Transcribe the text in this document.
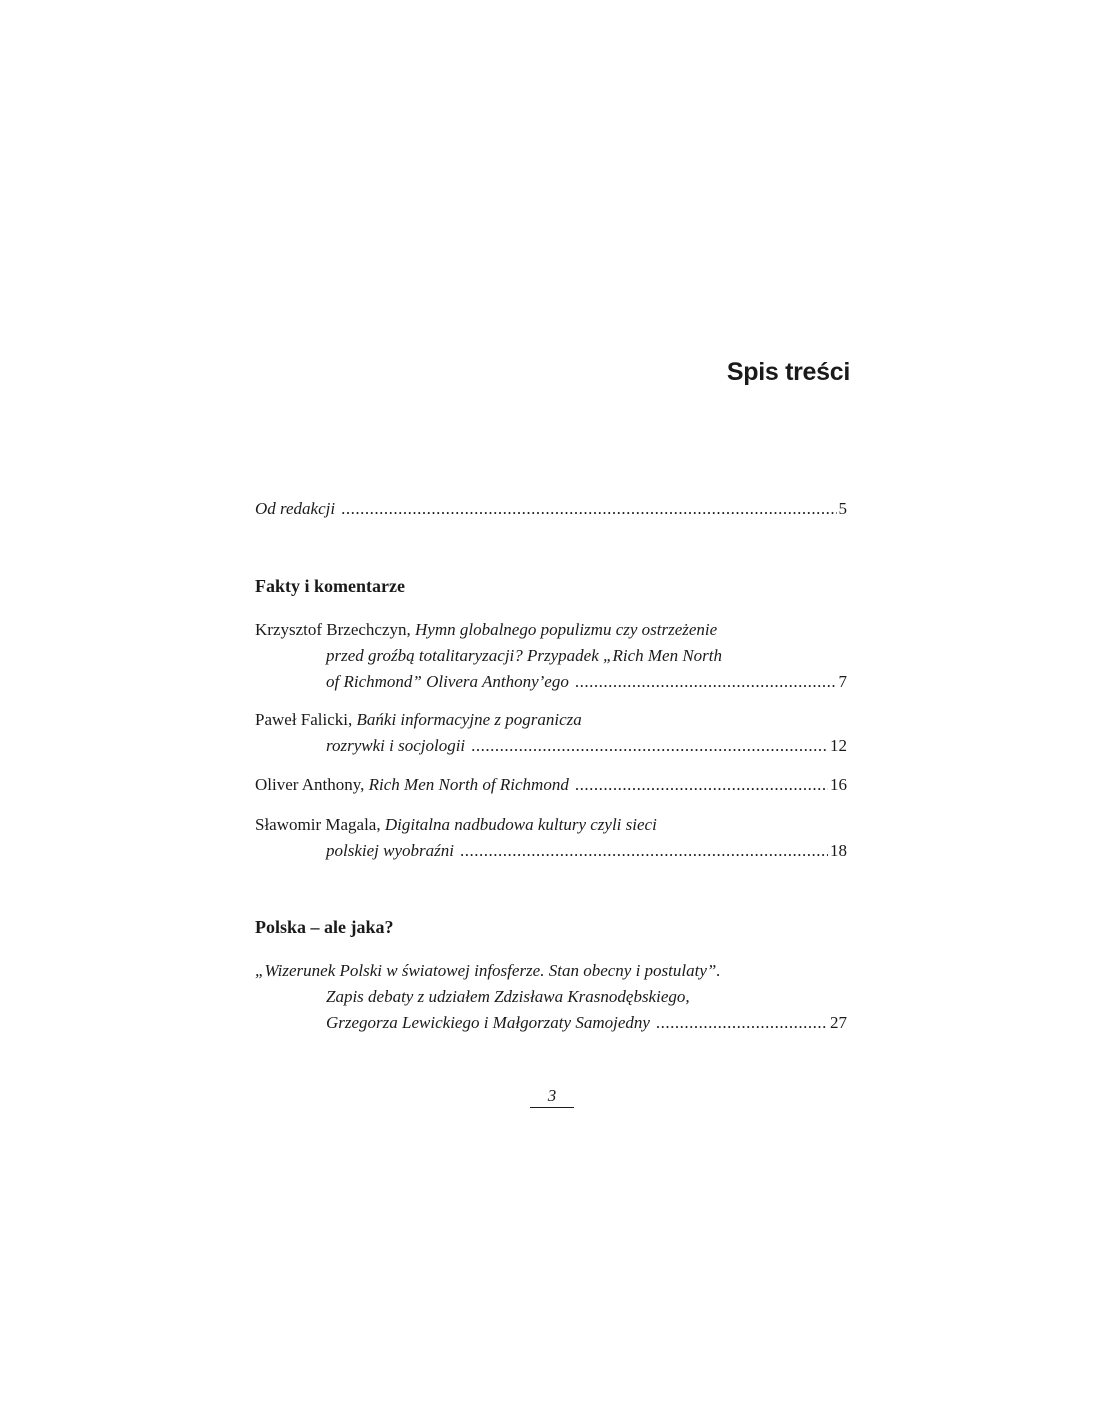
Spis treści
Od redakcji .....	5
Fakty i komentarze
Krzysztof Brzechczyn,
Hymn globalnego populizmu czy ostrzeżenie
przed groźbą totalitaryzacji? Przypadek „Rich Men North
of Richmond” Olivera Anthony’ego .....	7
Paweł Falicki,
Bańki informacyjne z pogranicza
rozrywki i socjologii .....	12
Oliver Anthony,
Rich Men North of Richmond .....	16
Sławomir Magala,
Digitalna nadbudowa kultury czyli sieci
polskiej wyobraźni .....	18
Polska – ale jaka?
„Wizerunek Polski w światowej infosferze. Stan obecny i postulaty”.
Zapis debaty z udziałem Zdzisława Krasnodębskiego,
Grzegorza Lewickiego i Małgorzaty Samojedny .....	27
3
